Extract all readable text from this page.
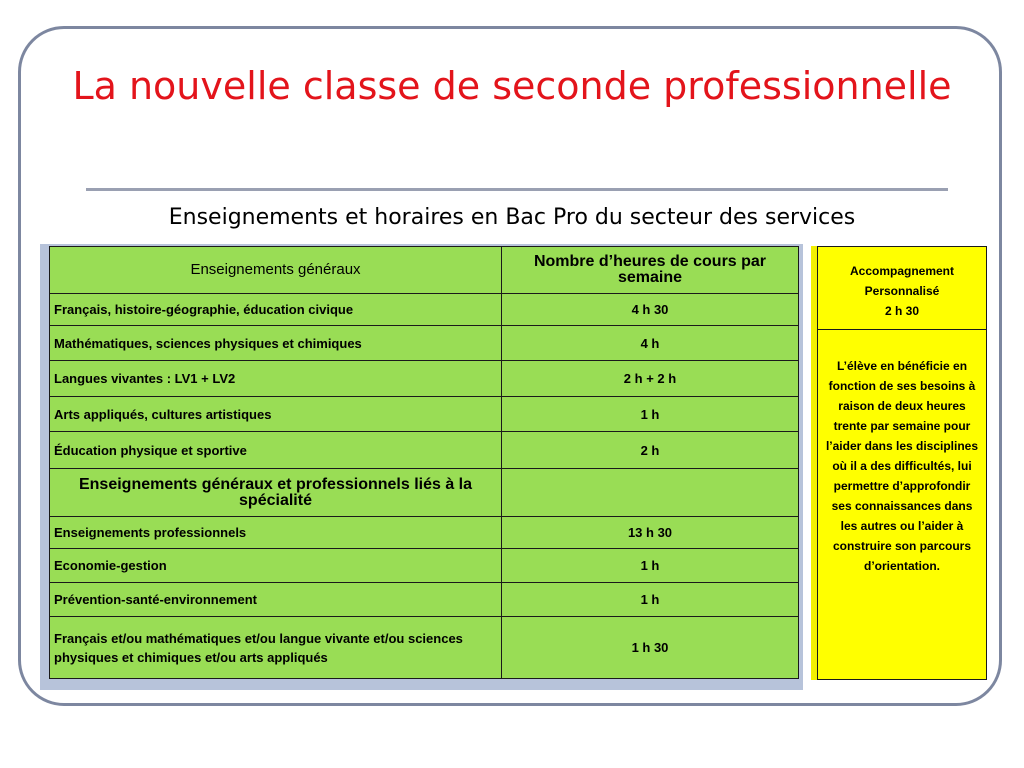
La nouvelle classe de seconde professionnelle
Enseignements et horaires en Bac Pro du secteur des services
Enseignements généraux	Nombre d’heures de cours par semaine
Français, histoire-géographie, éducation civique	4 h 30
Mathématiques, sciences physiques et chimiques	4 h
Langues vivantes : LV1 + LV2	2 h + 2 h
Arts appliqués, cultures artistiques	1 h
Éducation physique et sportive	2 h
Enseignements généraux et professionnels liés à la spécialité	
Enseignements professionnels	13 h 30
Economie-gestion	1 h
Prévention-santé-environnement	1 h
Français et/ou mathématiques et/ou langue vivante et/ou sciences physiques et chimiques et/ou arts appliqués	1 h 30
Accompagnement
Personnalisé
2 h 30

L’élève en bénéficie en fonction de ses besoins à raison de deux heures trente par semaine pour l’aider dans les disciplines où il a des difficultés, lui permettre d’approfondir ses connaissances dans les autres ou l’aider à construire son parcours d’orientation.
